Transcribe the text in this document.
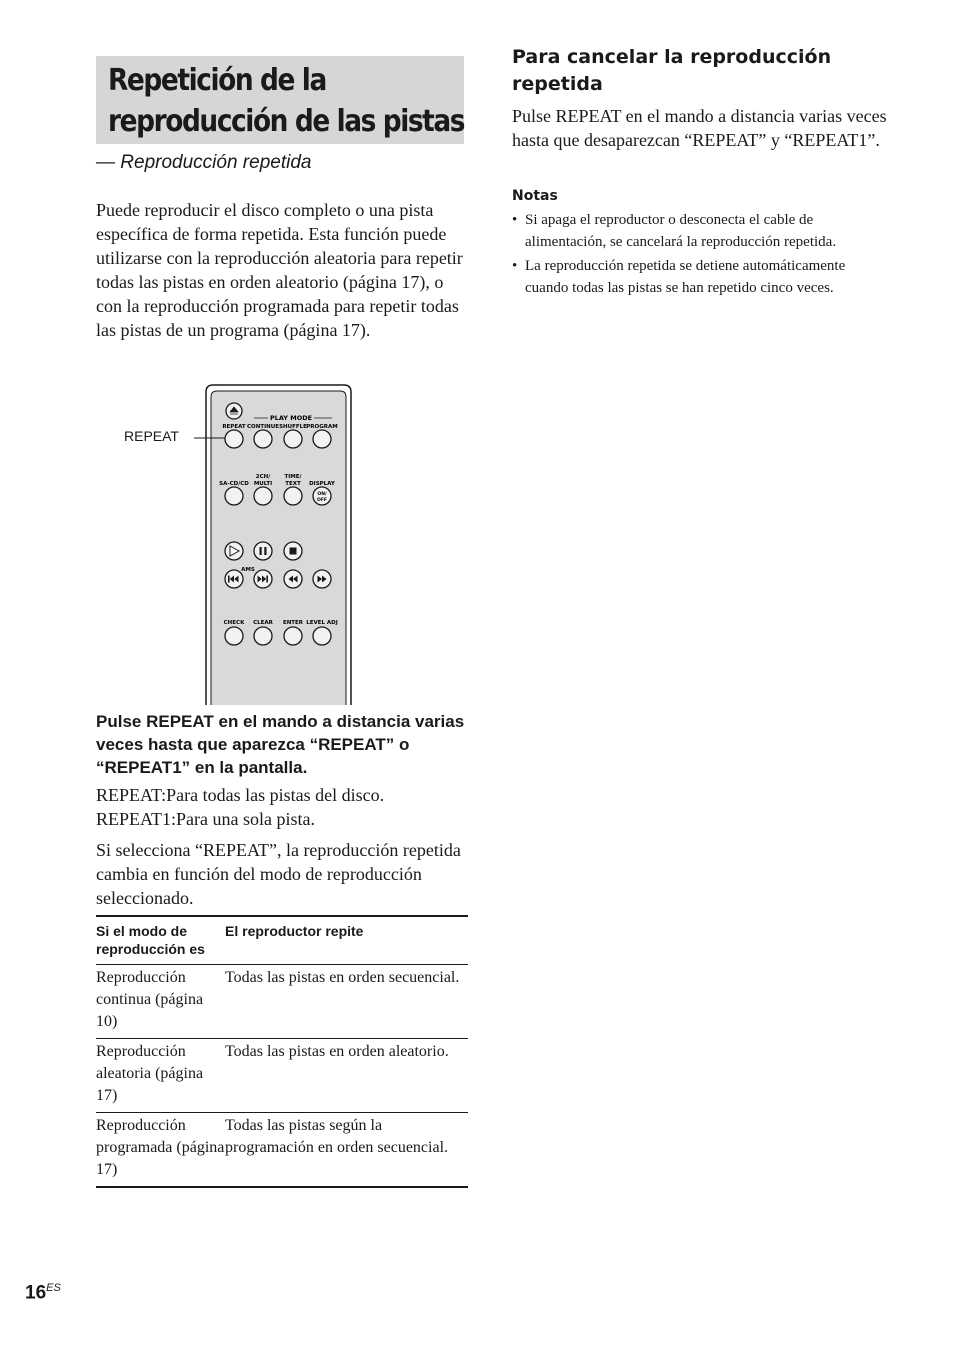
Repetición de la
reproducción de las pistas
— Reproducción repetida
Puede reproducir el disco completo o una pista específica de forma repetida. Esta función puede utilizarse con la reproducción aleatoria para repetir todas las pistas en orden aleatorio (página 17), o con la reproducción programada para repetir todas las pistas de un programa (página 17).
PLAY MODE
REPEAT CONTINUE SHUFFLE PROGRAM
SA-CD/CD
2CH/
MULTI
TIME/
TEXT DISPLAY
ON/
OFF
AMS
CHECK CLEAR ENTER LEVEL ADJ
REPEAT
Pulse REPEAT en el mando a distancia varias veces hasta que aparezca “REPEAT” o “REPEAT1” en la pantalla.

REPEAT:Para todas las pistas del disco.

REPEAT1:Para una sola pista.

Si selecciona “REPEAT”, la reproducción repetida cambia en función del modo de reproducción seleccionado.
Si el modo de reproducción es	El reproductor repite
Reproducción continua (página 10)	Todas las pistas en orden secuencial.
Reproducción aleatoria (página 17)	Todas las pistas en orden aleatorio.
Reproducción programada (página 17)	Todas las pistas según la programación en orden secuencial.
Para cancelar la reproducción repetida
Pulse REPEAT en el mando a distancia varias veces hasta que desaparezcan “REPEAT” y “REPEAT1”.
Notas
• Si apaga el reproductor o desconecta el cable de alimentación, se cancelará la reproducción repetida.
• La reproducción repetida se detiene automáticamente cuando todas las pistas se han repetido cinco veces.
$16^{ES}$
